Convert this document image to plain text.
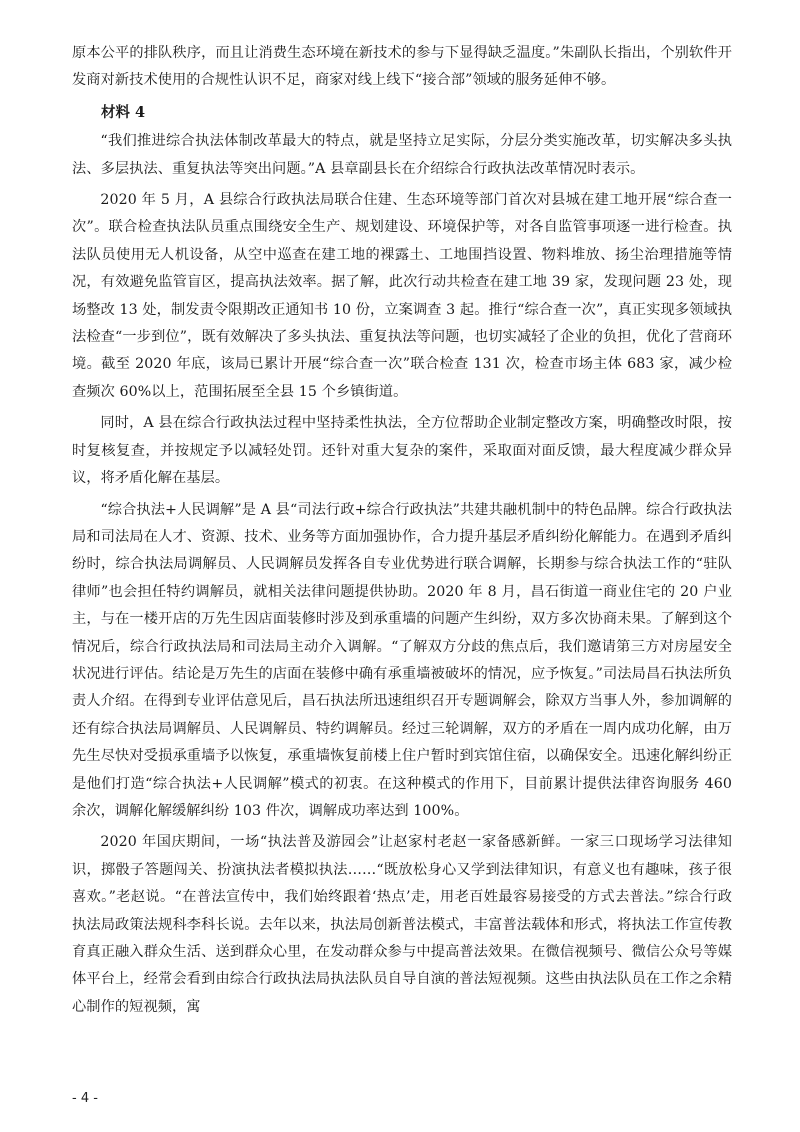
原本公平的排队秩序，而且让消费生态环境在新技术的参与下显得缺乏温度。”朱副队长指出，个别软件开发商对新技术使用的合规性认识不足，商家对线上线下“接合部”领域的服务延伸不够。

材料 4

“我们推进综合执法体制改革最大的特点，就是坚持立足实际，分层分类实施改革，切实解决多头执法、多层执法、重复执法等突出问题。”A 县章副县长在介绍综合行政执法改革情况时表示。

2020 年 5 月，A 县综合行政执法局联合住建、生态环境等部门首次对县城在建工地开展“综合查一次”。联合检查执法队员重点围绕安全生产、规划建设、环境保护等，对各自监管事项逐一进行检查。执法队员使用无人机设备，从空中巡查在建工地的裸露土、工地围挡设置、物料堆放、扬尘治理措施等情况，有效避免监管盲区，提高执法效率。据了解，此次行动共检查在建工地 39 家，发现问题 23 处，现场整改 13 处，制发责令限期改正通知书 10 份，立案调查 3 起。推行“综合查一次”，真正实现多领域执法检查“一步到位”，既有效解决了多头执法、重复执法等问题，也切实减轻了企业的负担，优化了营商环境。截至 2020 年底，该局已累计开展“综合查一次”联合检查 131 次，检查市场主体 683 家，减少检查频次 60%以上，范围拓展至全县 15 个乡镇街道。

同时，A 县在综合行政执法过程中坚持柔性执法，全方位帮助企业制定整改方案，明确整改时限，按时复核复查，并按规定予以减轻处罚。还针对重大复杂的案件，采取面对面反馈，最大程度减少群众异议，将矛盾化解在基层。

“综合执法+人民调解”是 A 县“司法行政+综合行政执法”共建共融机制中的特色品牌。综合行政执法局和司法局在人才、资源、技术、业务等方面加强协作，合力提升基层矛盾纠纷化解能力。在遇到矛盾纠纷时，综合执法局调解员、人民调解员发挥各自专业优势进行联合调解，长期参与综合执法工作的“驻队律师”也会担任特约调解员，就相关法律问题提供协助。2020 年 8 月，昌石街道一商业住宅的 20 户业主，与在一楼开店的万先生因店面装修时涉及到承重墙的问题产生纠纷，双方多次协商未果。了解到这个情况后，综合行政执法局和司法局主动介入调解。“了解双方分歧的焦点后，我们邀请第三方对房屋安全状况进行评估。结论是万先生的店面在装修中确有承重墙被破坏的情况，应予恢复。”司法局昌石执法所负责人介绍。在得到专业评估意见后，昌石执法所迅速组织召开专题调解会，除双方当事人外，参加调解的还有综合执法局调解员、人民调解员、特约调解员。经过三轮调解，双方的矛盾在一周内成功化解，由万先生尽快对受损承重墙予以恢复，承重墙恢复前楼上住户暂时到宾馆住宿，以确保安全。迅速化解纠纷正是他们打造“综合执法+人民调解”模式的初衷。在这种模式的作用下，目前累计提供法律咨询服务 460 余次，调解化解缓解纠纷 103 件次，调解成功率达到 100%。

2020 年国庆期间，一场“执法普及游园会”让赵家村老赵一家备感新鲜。一家三口现场学习法律知识，掷骰子答题闯关、扮演执法者模拟执法……“既放松身心又学到法律知识，有意义也有趣味，孩子很喜欢。”老赵说。“在普法宣传中，我们始终跟着‘热点’走，用老百姓最容易接受的方式去普法。”综合行政执法局政策法规科李科长说。去年以来，执法局创新普法模式，丰富普法载体和形式，将执法工作宣传教育真正融入群众生活、送到群众心里，在发动群众参与中提高普法效果。在微信视频号、微信公众号等媒体平台上，经常会看到由综合行政执法局执法队员自导自演的普法短视频。这些由执法队员在工作之余精心制作的短视频，寓

- 4 -
